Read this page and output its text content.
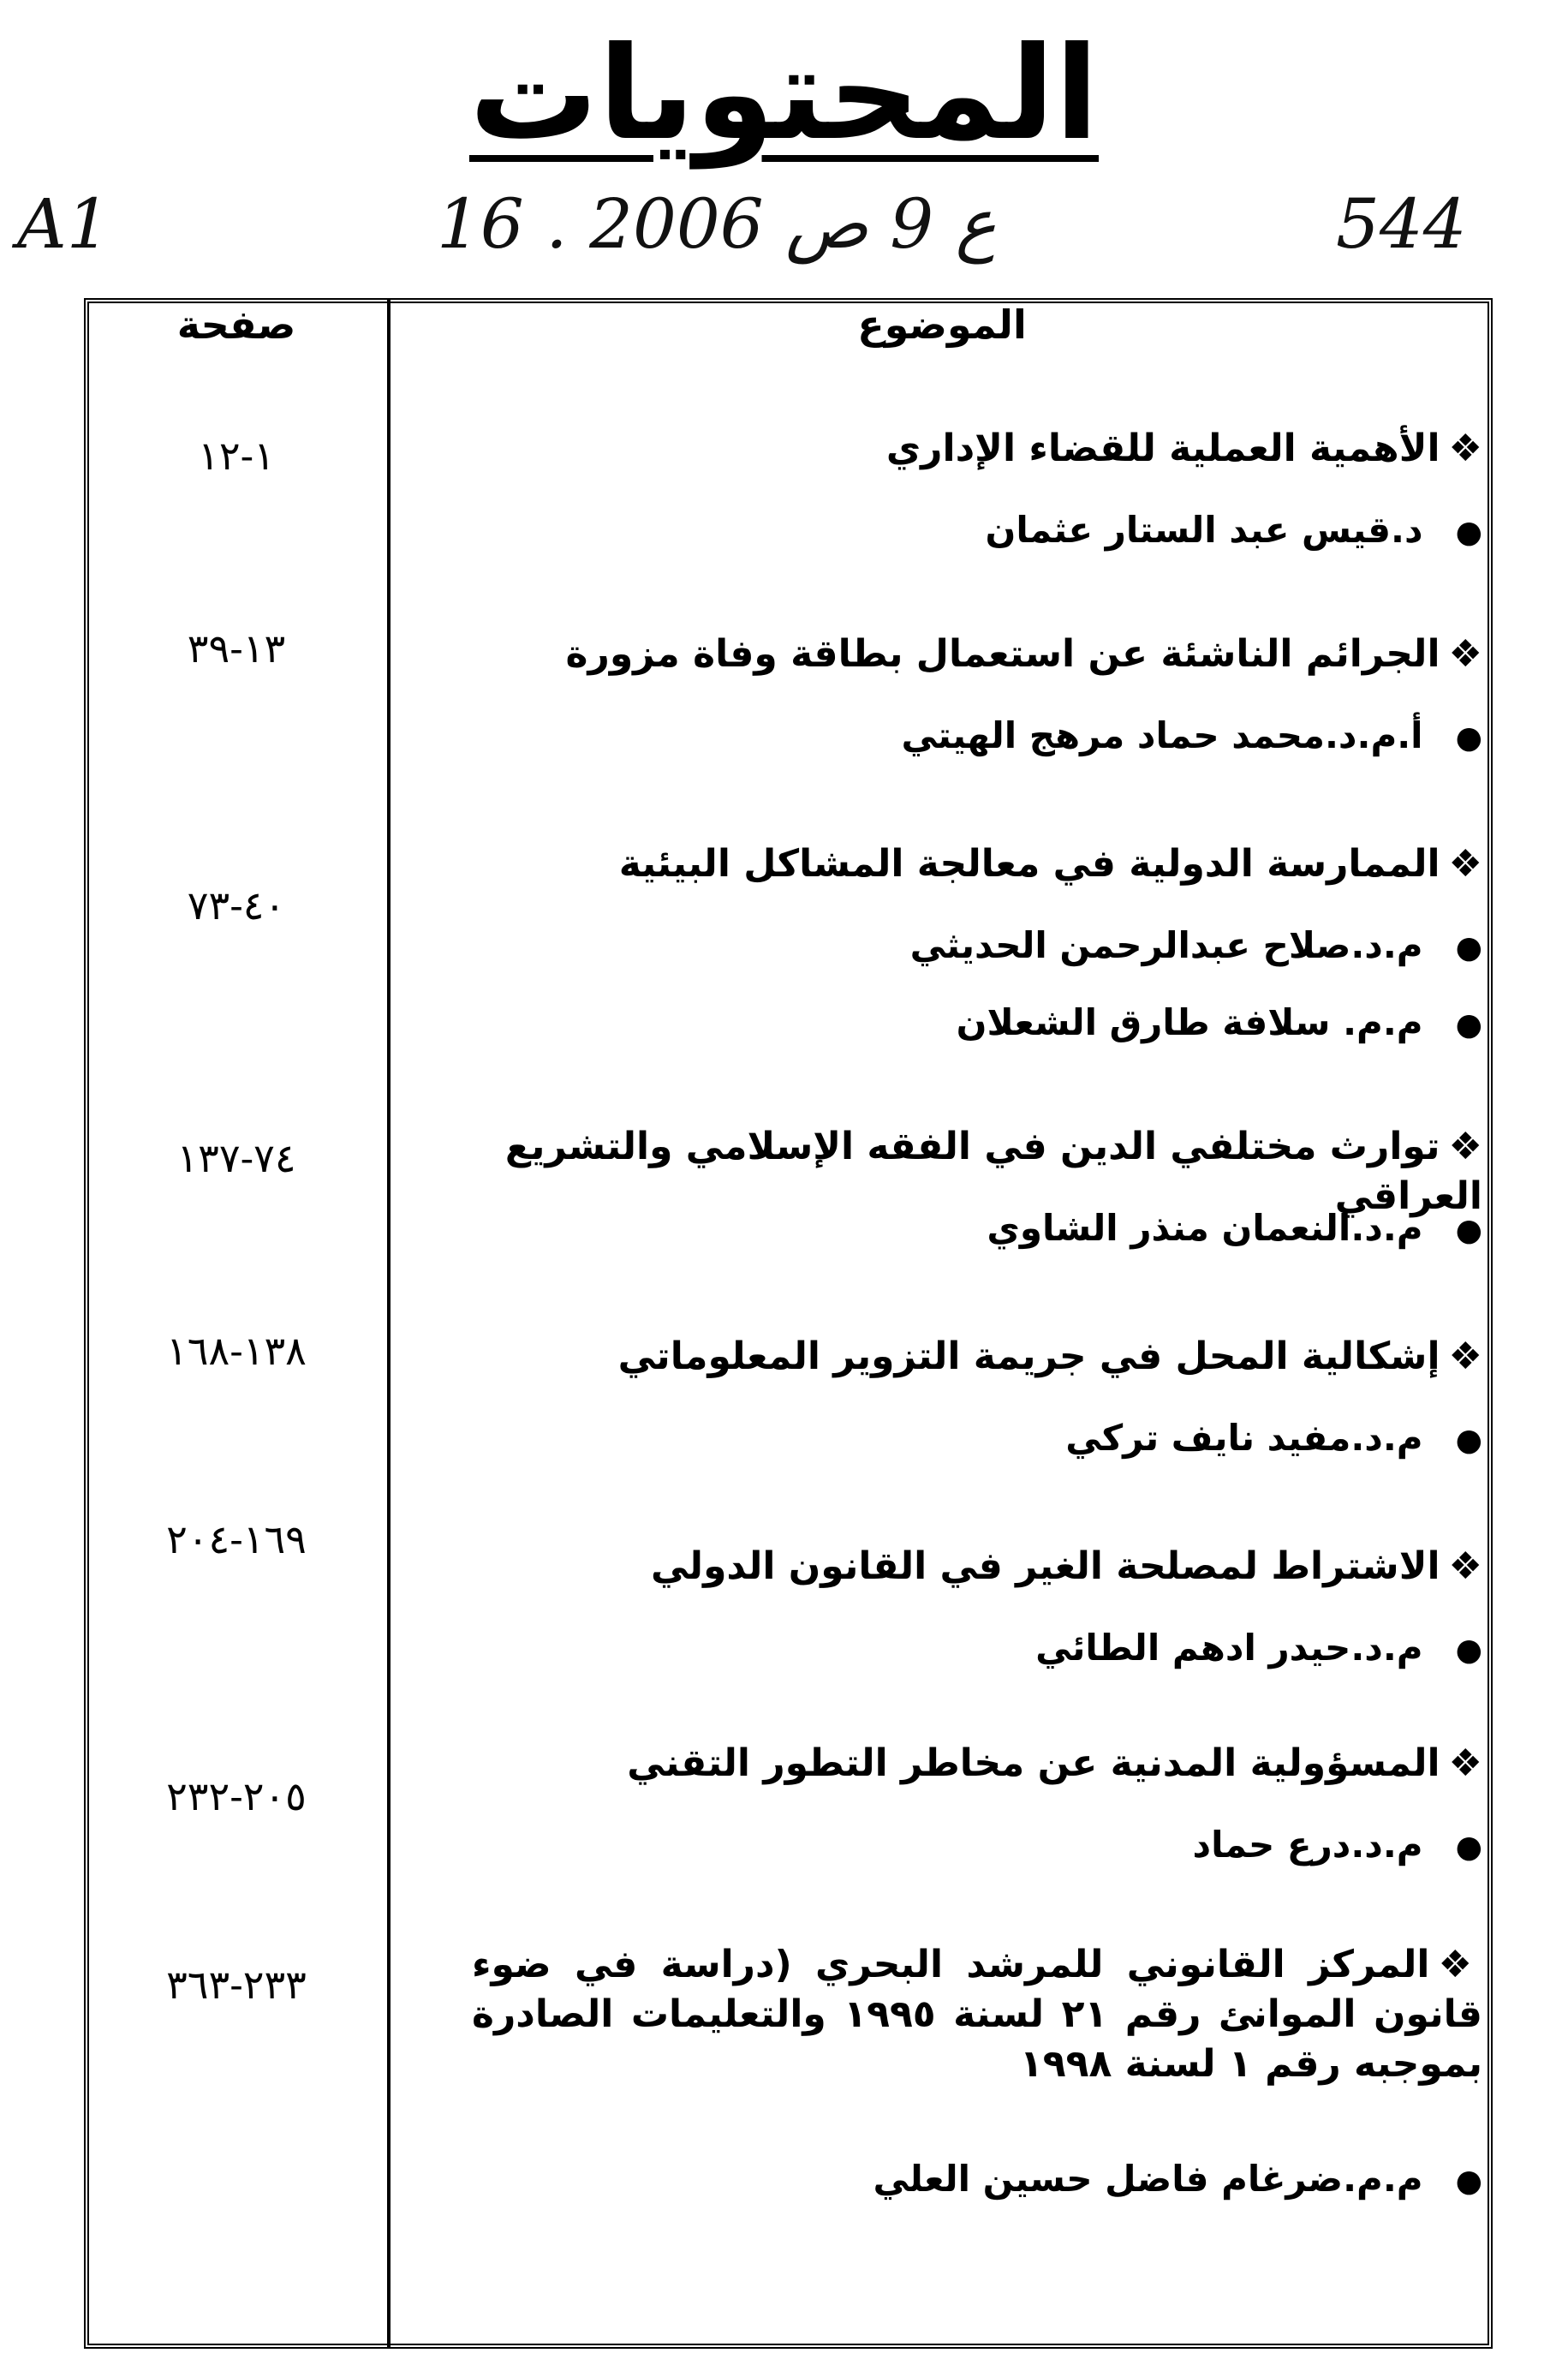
المحتويات
A1	16 . ع 9 ص 2006	544
الموضوع
صفحة
❖الأهمية العملية للقضاء الإداري
●د.قيس عبد الستار عثمان
١-١٢
❖الجرائم الناشئة عن استعمال بطاقة وفاة مزورة
●أ.م.د.محمد حماد مرهج الهيتي
١٣-٣٩
❖الممارسة الدولية في معالجة المشاكل البيئية
●م.د.صلاح عبدالرحمن الحديثي
●م.م. سلافة طارق الشعلان
٤٠-٧٣
❖توارث مختلفي الدين في الفقه الإسلامي والتشريع العراقي
●م.د.النعمان منذر الشاوي
٧٤-١٣٧
❖إشكالية المحل في جريمة التزوير المعلوماتي
●م.د.مفيد نايف تركي
١٣٨-١٦٨
❖الاشتراط لمصلحة الغير في القانون الدولي
●م.د.حيدر ادهم الطائي
١٦٩-٢٠٤
❖المسؤولية المدنية عن مخاطر التطور التقني
●م.د.درع حماد
٢٠٥-٢٣٢
❖المركز القانوني للمرشد البحري (دراسة في ضوء قانون الموانئ رقم ٢١ لسنة ١٩٩٥ والتعليمات الصادرة بموجبه رقم ١ لسنة ١٩٩٨
●م.م.ضرغام فاضل حسين العلي
٢٣٣-٣٦٣
